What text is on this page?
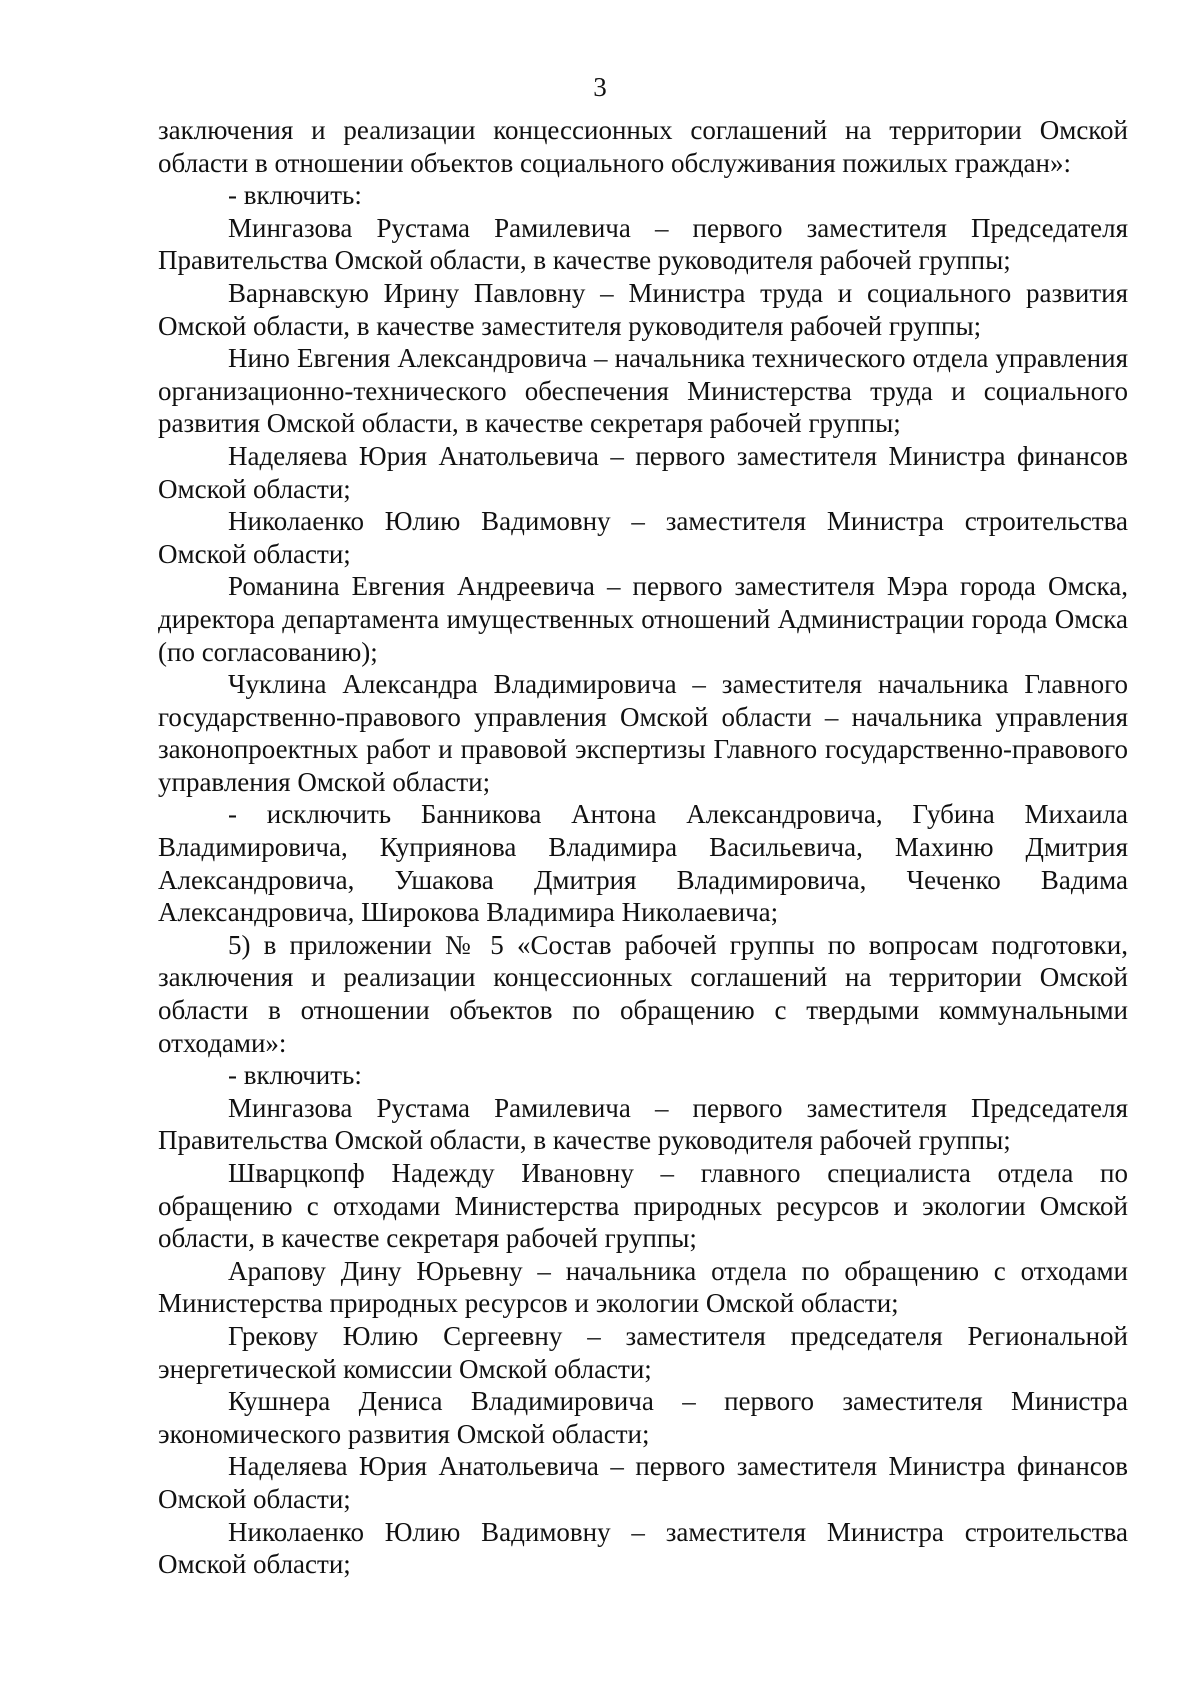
3

заключения и реализации концессионных соглашений на территории Омской области в отношении объектов социального обслуживания пожилых граждан»:

- включить:

Мингазова Рустама Рамилевича – первого заместителя Председателя Правительства Омской области, в качестве руководителя рабочей группы;

Варнавскую Ирину Павловну – Министра труда и социального развития Омской области, в качестве заместителя руководителя рабочей группы;

Нино Евгения Александровича – начальника технического отдела управления организационно-технического обеспечения Министерства труда и социального развития Омской области, в качестве секретаря рабочей группы;

Наделяева Юрия Анатольевича – первого заместителя Министра финансов Омской области;

Николаенко Юлию Вадимовну – заместителя Министра строительства Омской области;

Романина Евгения Андреевича – первого заместителя Мэра города Омска, директора департамента имущественных отношений Администрации города Омска (по согласованию);

Чуклина Александра Владимировича – заместителя начальника Главного государственно-правового управления Омской области – начальника управления законопроектных работ и правовой экспертизы Главного государственно-правового управления Омской области;

- исключить Банникова Антона Александровича, Губина Михаила Владимировича, Куприянова Владимира Васильевича, Махиню Дмитрия Александровича, Ушакова Дмитрия Владимировича, Чеченко Вадима Александровича, Широкова Владимира Николаевича;

5) в приложении № 5 «Состав рабочей группы по вопросам подготовки, заключения и реализации концессионных соглашений на территории Омской области в отношении объектов по обращению с твердыми коммунальными отходами»:

- включить:

Мингазова Рустама Рамилевича – первого заместителя Председателя Правительства Омской области, в качестве руководителя рабочей группы;

Шварцкопф Надежду Ивановну – главного специалиста отдела по обращению с отходами Министерства природных ресурсов и экологии Омской области, в качестве секретаря рабочей группы;

Арапову Дину Юрьевну – начальника отдела по обращению с отходами Министерства природных ресурсов и экологии Омской области;

Грекову Юлию Сергеевну – заместителя председателя Региональной энергетической комиссии Омской области;

Кушнера Дениса Владимировича – первого заместителя Министра экономического развития Омской области;

Наделяева Юрия Анатольевича – первого заместителя Министра финансов Омской области;

Николаенко Юлию Вадимовну – заместителя Министра строительства Омской области;
